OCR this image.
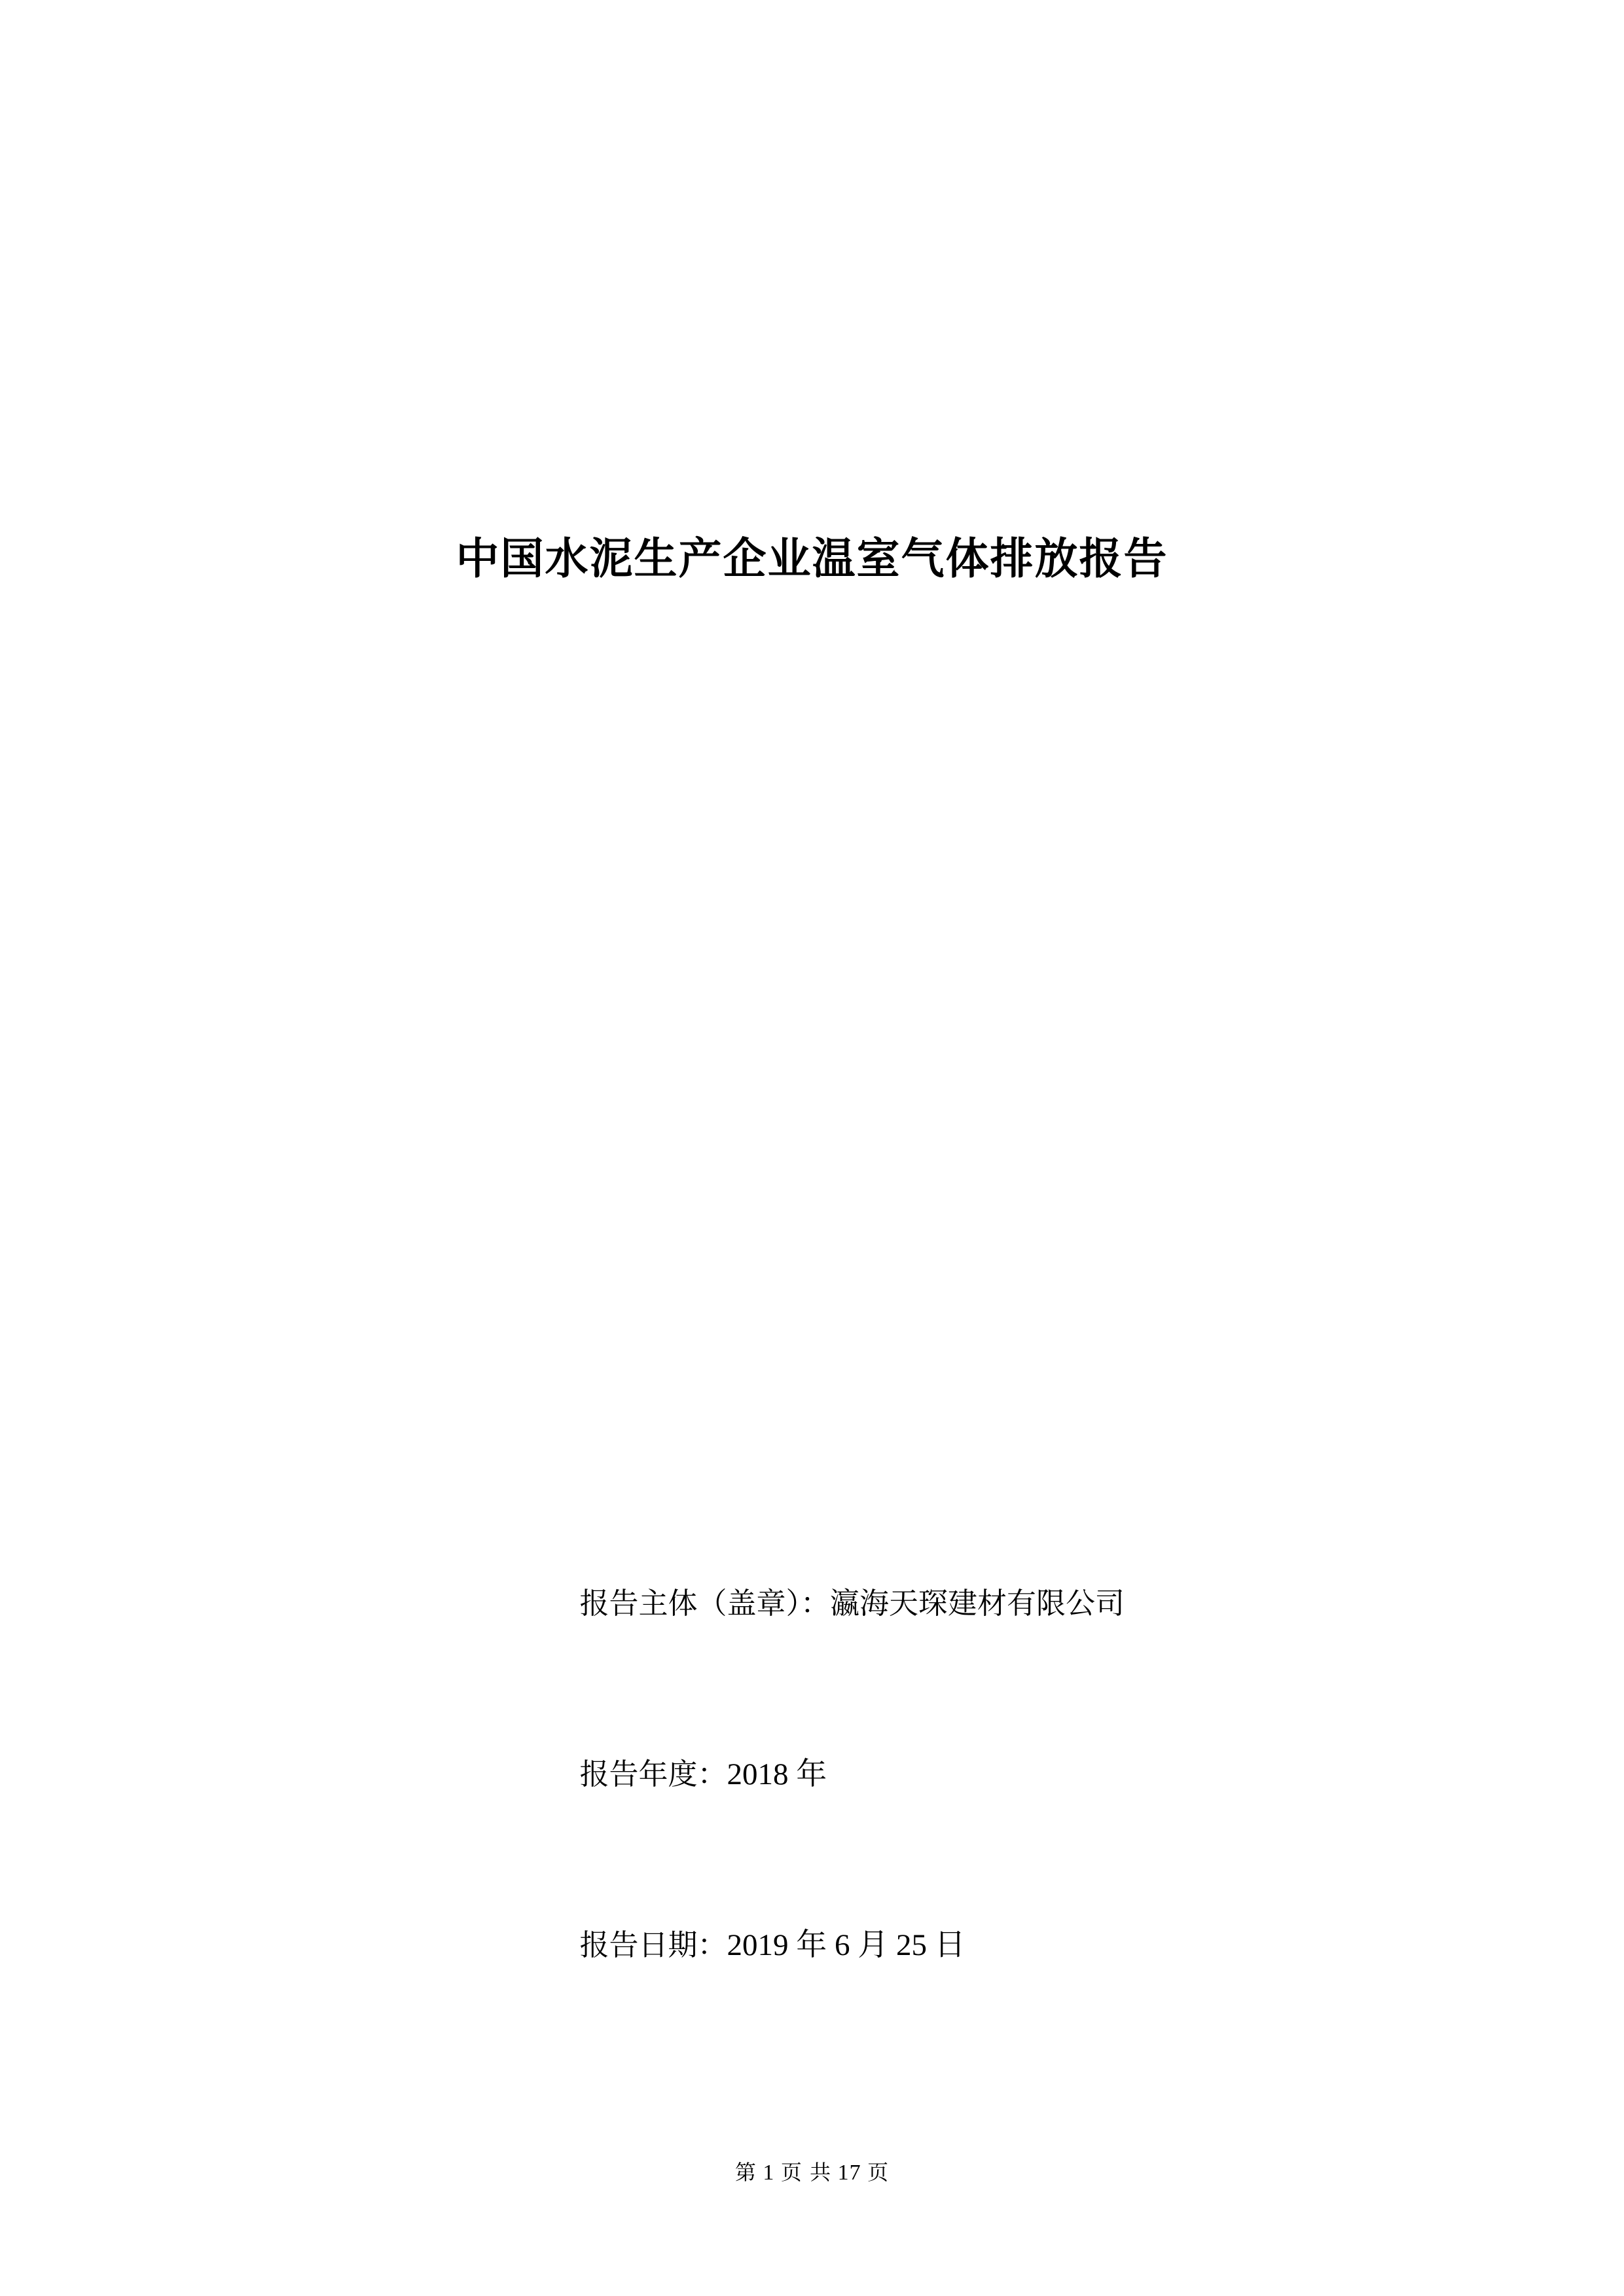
中国水泥生产企业温室气体排放报告

报告主体（盖章）：瀛海天琛建材有限公司

报告年度：2018 年

报告日期：2019 年 6 月 25 日

第 1 页 共 17 页
